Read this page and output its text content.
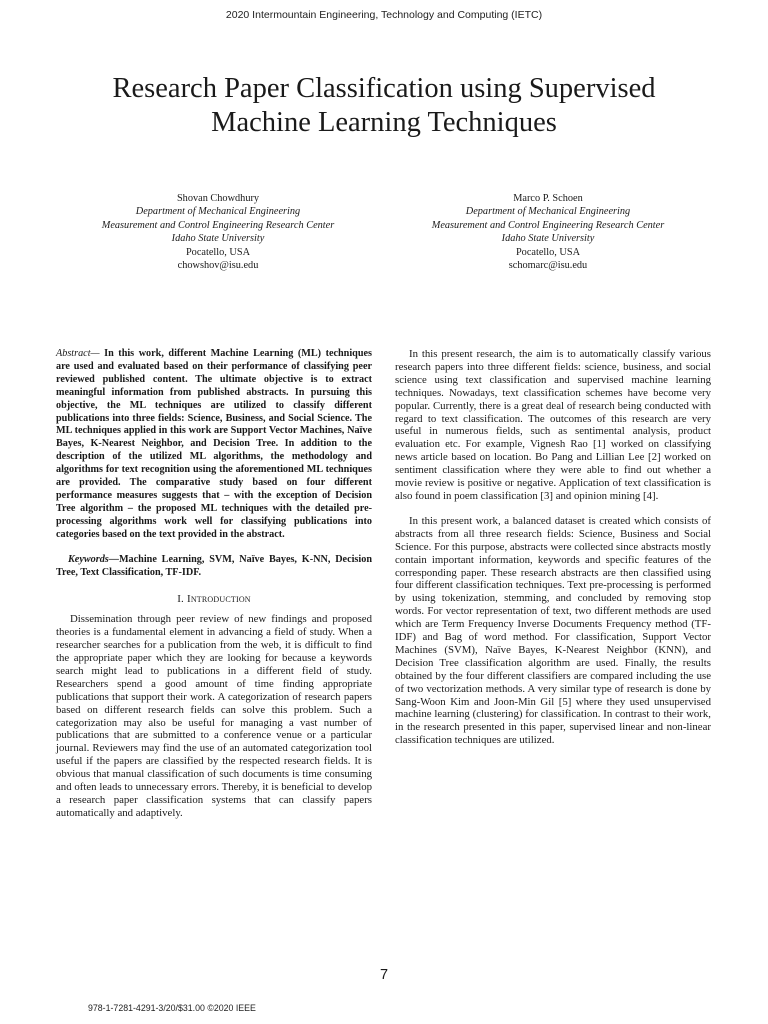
2020 Intermountain Engineering, Technology and Computing (IETC)
Research Paper Classification using Supervised
Machine Learning Techniques
Shovan Chowdhury
Department of Mechanical Engineering
Measurement and Control Engineering Research Center
Idaho State University
Pocatello, USA
chowshov@isu.edu
Marco P. Schoen
Department of Mechanical Engineering
Measurement and Control Engineering Research Center
Idaho State University
Pocatello, USA
schomarc@isu.edu

Abstract— In this work, different Machine Learning (ML) techniques are used and evaluated based on their performance of classifying peer reviewed published content. The ultimate objective is to extract meaningful information from published abstracts. In pursuing this objective, the ML techniques are utilized to classify different publications into three fields: Science, Business, and Social Science. The ML techniques applied in this work are Support Vector Machines, Naïve Bayes, K-Nearest Neighbor, and Decision Tree. In addition to the description of the utilized ML algorithms, the methodology and algorithms for text recognition using the aforementioned ML techniques are provided. The comparative study based on four different performance measures suggests that – with the exception of Decision Tree algorithm – the proposed ML techniques with the detailed pre-processing algorithms work well for classifying publications into categories based on the text provided in the abstract.

Keywords—Machine Learning, SVM, Naïve Bayes, K-NN, Decision Tree, Text Classification, TF-IDF.

I. Introduction

Dissemination through peer review of new findings and proposed theories is a fundamental element in advancing a field of study. When a researcher searches for a publication from the web, it is difficult to find the appropriate paper which they are looking for because a keywords search might lead to publications in a different field of study. Researchers spend a good amount of time finding appropriate publications that support their work. A categorization of research papers based on different research fields can solve this problem. Such a categorization may also be useful for managing a vast number of publications that are submitted to a conference venue or a particular journal. Reviewers may find the use of an automated categorization tool useful if the papers are classified by the respected research fields. It is obvious that manual classification of such documents is time consuming and often leads to unnecessary errors. Thereby, it is beneficial to develop a research paper classification systems that can classify papers automatically and adaptively.

In this present research, the aim is to automatically classify various research papers into three different fields: science, business, and social science using text classification and supervised machine learning techniques. Nowadays, text classification schemes have become very popular. Currently, there is a great deal of research being conducted with regard to text classification. The outcomes of this research are very useful in numerous fields, such as sentimental analysis, product evaluation etc. For example, Vignesh Rao [1] worked on classifying news article based on location. Bo Pang and Lillian Lee [2] worked on sentiment classification where they were able to find out whether a movie review is positive or negative. Application of text classification is also found in poem classification [3] and opinion mining [4].

In this present work, a balanced dataset is created which consists of abstracts from all three research fields: Science, Business and Social Science. For this purpose, abstracts were collected since abstracts mostly contain important information, keywords and specific features of the corresponding paper. These research abstracts are then classified using four different classification techniques. Text pre-processing is performed by using tokenization, stemming, and concluded by removing stop words. For vector representation of text, two different methods are used which are Term Frequency Inverse Documents Frequency method (TF-IDF) and Bag of word method. For classification, Support Vector Machines (SVM), Naïve Bayes, K-Nearest Neighbor (KNN), and Decision Tree classification algorithm are used. Finally, the results obtained by the four different classifiers are compared including the use of two vectorization methods. A very similar type of research is done by Sang-Woon Kim and Joon-Min Gil [5] where they used unsupervised machine learning (clustering) for classification. In contrast to their work, in the research presented in this paper, supervised linear and non-linear classification techniques are utilized.

7
978-1-7281-4291-3/20/$31.00 ©2020 IEEE
